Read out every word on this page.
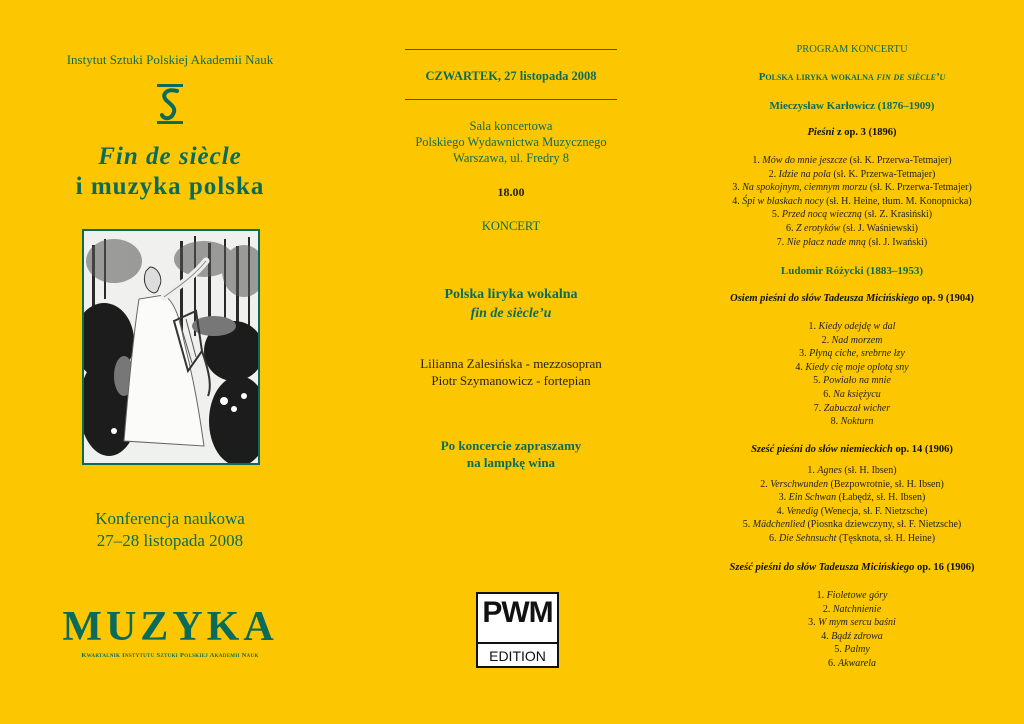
Instytut Sztuki Polskiej Akademii Nauk
Fin de siècle
i muzyka polska
Konferencja naukowa
27–28 listopada 2008
MUZYKA
Kwartalnik Instytutu Sztuki Polskiej Akademii Nauk
CZWARTEK, 27 listopada 2008
Sala koncertowa
Polskiego Wydawnictwa Muzycznego
Warszawa, ul. Fredry 8
18.00
KONCERT
Polska liryka wokalna
fin de siècle’u
Lilianna Zalesińska - mezzosopran
Piotr Szymanowicz - fortepian
Po koncercie zapraszamy
na lampkę wina
PWM
EDITION
PROGRAM KONCERTU
Polska liryka wokalna fin de siècle’u
Mieczysław Karłowicz (1876–1909)
Pieśni z op. 3 (1896)
1. Mów do mnie jeszcze (sł. K. Przerwa-Tetmajer)
2. Idzie na pola (sł. K. Przerwa-Tetmajer)
3. Na spokojnym, ciemnym morzu (sł. K. Przerwa-Tetmajer)
4. Śpi w blaskach nocy (sł. H. Heine, tłum. M. Konopnicka)
5. Przed nocą wieczną (sł. Z. Krasiński)
6. Z erotyków (sł. J. Waśniewski)
7. Nie płacz nade mną (sł. J. Iwański)
Ludomir Różycki (1883–1953)
Osiem pieśni do słów Tadeusza Micińskiego op. 9 (1904)
1. Kiedy odejdę w dal
2. Nad morzem
3. Płyną ciche, srebrne łzy
4. Kiedy cię moje oplotą sny
5. Powiało na mnie
6. Na księżycu
7. Zabuczał wicher
8. Nokturn
Sześć pieśni do słów niemieckich op. 14 (1906)
1. Agnes (sł. H. Ibsen)
2. Verschwunden (Bezpowrotnie, sł. H. Ibsen)
3. Ein Schwan (Łabędź, sł. H. Ibsen)
4. Venedig (Wenecja, sł. F. Nietzsche)
5. Mädchenlied (Piosnka dziewczyny, sł. F. Nietzsche)
6. Die Sehnsucht (Tęsknota, sł. H. Heine)
Sześć pieśni do słów Tadeusza Micińskiego op. 16 (1906)
1. Fioletowe góry
2. Natchnienie
3. W mym sercu baśni
4. Bądź zdrowa
5. Palmy
6. Akwarela
